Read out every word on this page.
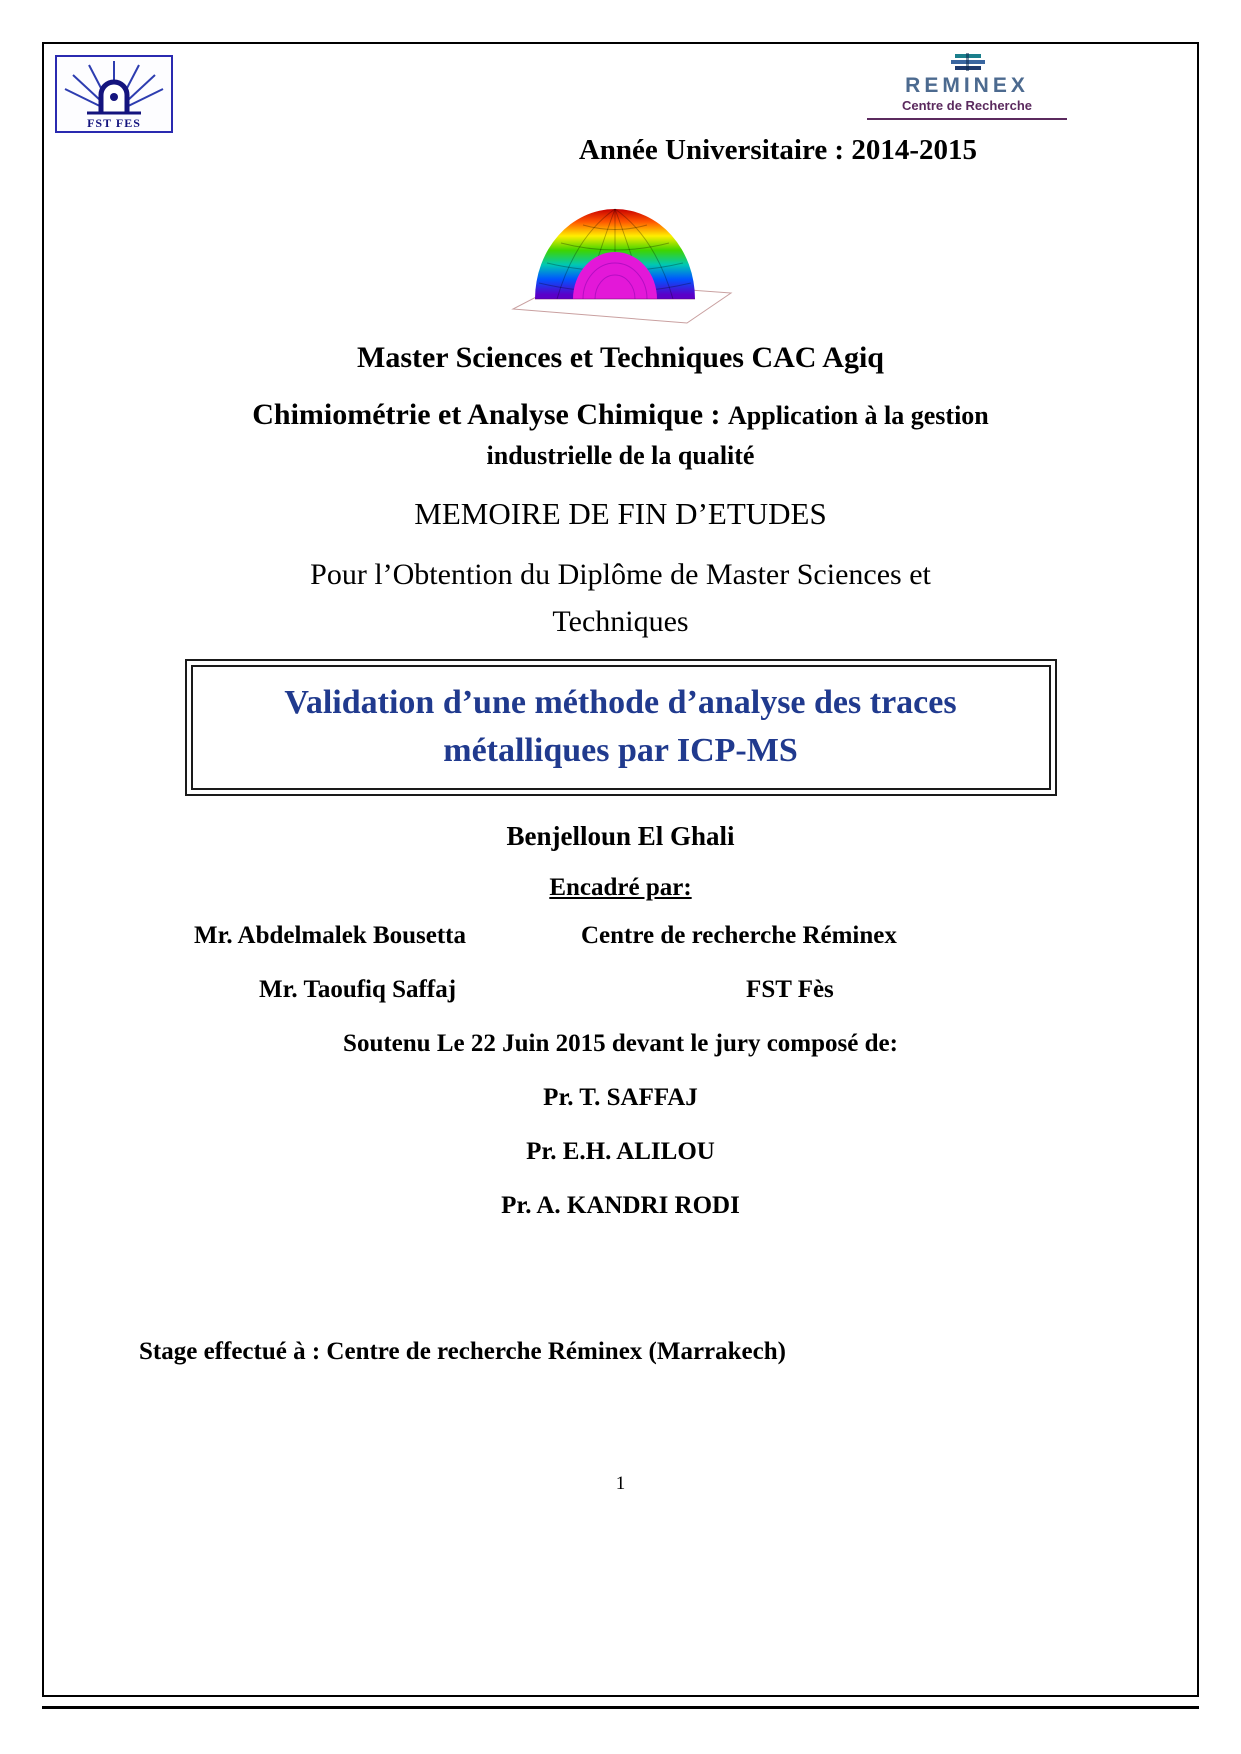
FST FES
REMINEX
Centre de Recherche
Année Universitaire : 2014-2015
Master Sciences et Techniques CAC Agiq
Chimiométrie et Analyse Chimique : Application à la gestion
industrielle de la qualité
MEMOIRE DE FIN D’ETUDES
Pour l’Obtention du Diplôme de Master Sciences et Techniques
Validation d’une méthode d’analyse des traces métalliques par ICP-MS
Benjelloun El Ghali
Encadré par:
Mr. Abdelmalek Bousetta	Centre de recherche Réminex
Mr. Taoufiq Saffaj	FST Fès
Soutenu Le 22 Juin 2015 devant le jury composé de:
Pr. T. SAFFAJ
Pr. E.H. ALILOU
Pr. A. KANDRI RODI
Stage effectué à : Centre de recherche Réminex (Marrakech)
1
